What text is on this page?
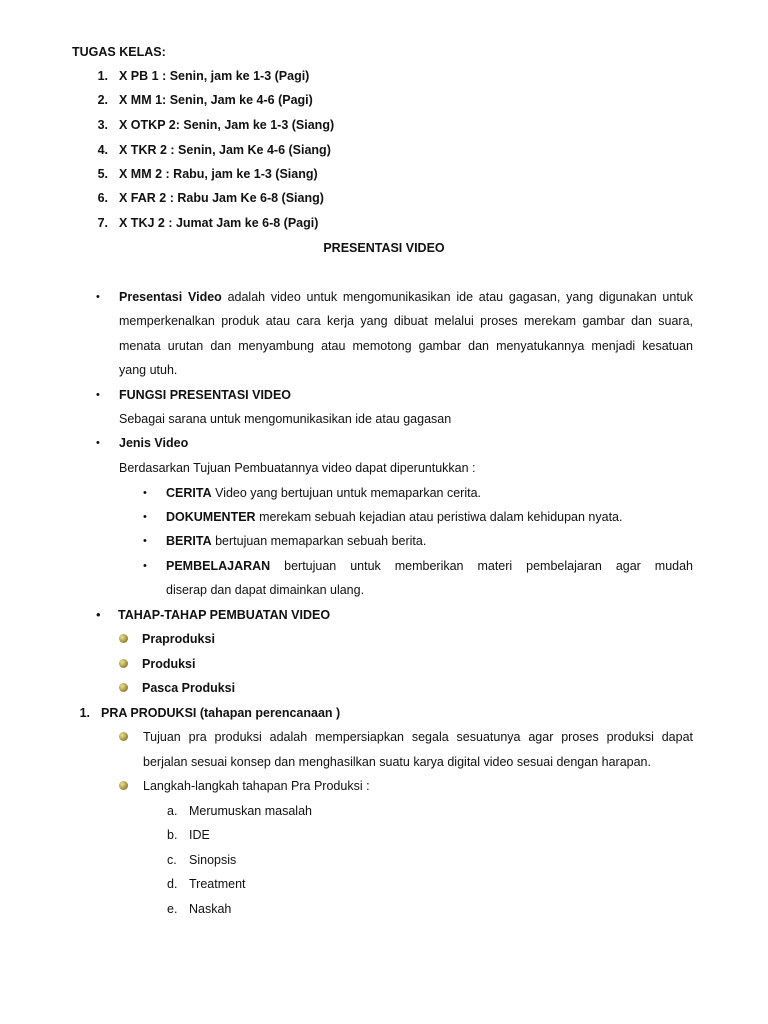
TUGAS KELAS:
1. X PB 1 : Senin, jam ke 1-3 (Pagi)
2. X MM 1: Senin, Jam ke 4-6 (Pagi)
3. X OTKP 2: Senin, Jam ke 1-3 (Siang)
4. X TKR 2 : Senin, Jam Ke 4-6 (Siang)
5. X MM 2 : Rabu, jam ke 1-3 (Siang)
6. X FAR 2 : Rabu Jam Ke 6-8 (Siang)
7. X TKJ 2 : Jumat Jam ke 6-8 (Pagi)
PRESENTASI VIDEO
• Presentasi Video adalah video untuk mengomunikasikan ide atau gagasan, yang digunakan untuk
memperkenalkan produk atau cara kerja yang dibuat melalui proses merekam gambar dan suara,
menata urutan dan menyambung atau memotong gambar dan menyatukannya menjadi kesatuan
yang utuh.
• FUNGSI PRESENTASI VIDEO
Sebagai sarana untuk mengomunikasikan ide atau gagasan
• Jenis Video
Berdasarkan Tujuan Pembuatannya video dapat diperuntukkan :
• CERITA Video yang bertujuan untuk memaparkan cerita.
• DOKUMENTER merekam sebuah kejadian atau peristiwa dalam kehidupan nyata.
• BERITA bertujuan memaparkan sebuah berita.
• PEMBELAJARAN bertujuan untuk memberikan materi pembelajaran agar mudah
diserap dan dapat dimainkan ulang.
• TAHAP-TAHAP PEMBUATAN VIDEO
Praproduksi
Produksi
Pasca Produksi
1. PRA PRODUKSI (tahapan perencanaan )
Tujuan pra produksi adalah mempersiapkan segala sesuatunya agar proses produksi dapat
berjalan sesuai konsep dan menghasilkan suatu karya digital video sesuai dengan harapan.
Langkah-langkah tahapan Pra Produksi :
a. Merumuskan masalah
b. IDE
c. Sinopsis
d. Treatment
e. Naskah
